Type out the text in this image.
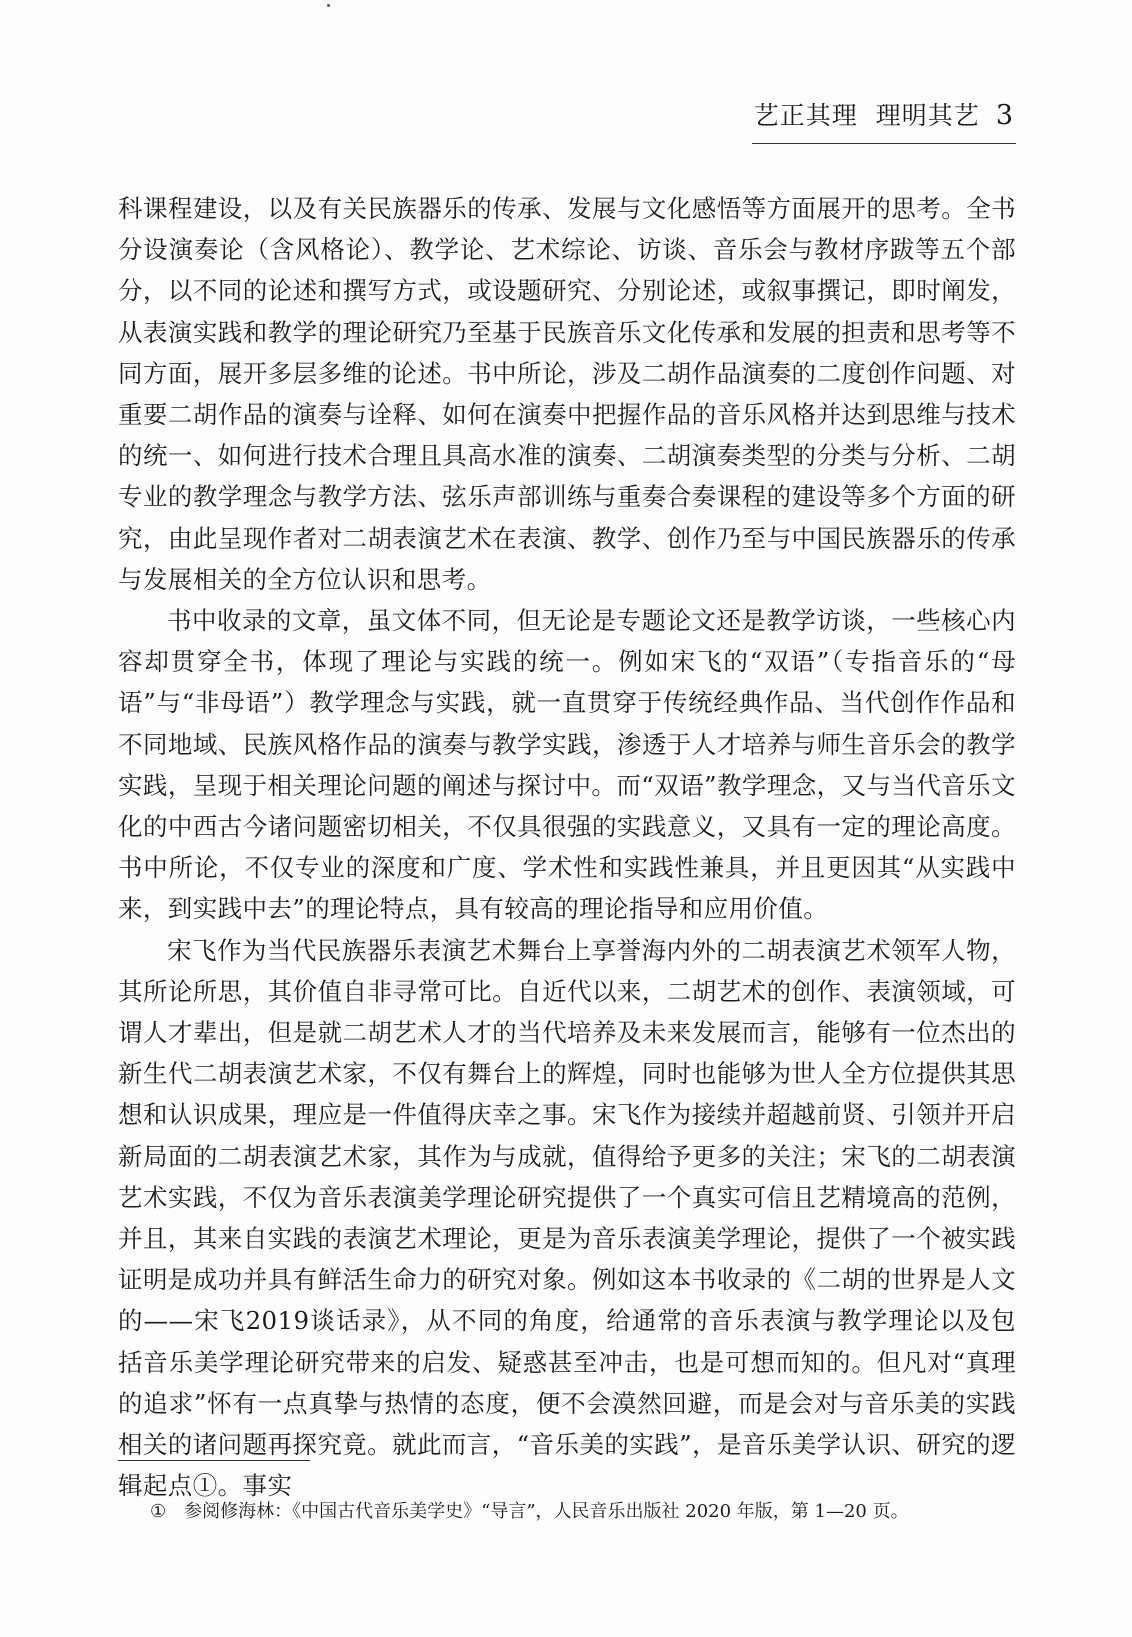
艺正其理 理明其艺 3

科课程建设，以及有关民族器乐的传承、发展与文化感悟等方面展开的思考。全书分设演奏论（含风格论）、教学论、艺术综论、访谈、音乐会与教材序跋等五个部分，以不同的论述和撰写方式，或设题研究、分别论述，或叙事撰记，即时阐发，从表演实践和教学的理论研究乃至基于民族音乐文化传承和发展的担责和思考等不同方面，展开多层多维的论述。书中所论，涉及二胡作品演奏的二度创作问题、对重要二胡作品的演奏与诠释、如何在演奏中把握作品的音乐风格并达到思维与技术的统一、如何进行技术合理且具高水准的演奏、二胡演奏类型的分类与分析、二胡专业的教学理念与教学方法、弦乐声部训练与重奏合奏课程的建设等多个方面的研究，由此呈现作者对二胡表演艺术在表演、教学、创作乃至与中国民族器乐的传承与发展相关的全方位认识和思考。

书中收录的文章，虽文体不同，但无论是专题论文还是教学访谈，一些核心内容却贯穿全书，体现了理论与实践的统一。例如宋飞的“双语”（专指音乐的“母语”与“非母语”）教学理念与实践，就一直贯穿于传统经典作品、当代创作作品和不同地域、民族风格作品的演奏与教学实践，渗透于人才培养与师生音乐会的教学实践，呈现于相关理论问题的阐述与探讨中。而“双语”教学理念，又与当代音乐文化的中西古今诸问题密切相关，不仅具很强的实践意义，又具有一定的理论高度。书中所论，不仅专业的深度和广度、学术性和实践性兼具，并且更因其“从实践中来，到实践中去”的理论特点，具有较高的理论指导和应用价值。

宋飞作为当代民族器乐表演艺术舞台上享誉海内外的二胡表演艺术领军人物，其所论所思，其价值自非寻常可比。自近代以来，二胡艺术的创作、表演领域，可谓人才辈出，但是就二胡艺术人才的当代培养及未来发展而言，能够有一位杰出的新生代二胡表演艺术家，不仅有舞台上的辉煌，同时也能够为世人全方位提供其思想和认识成果，理应是一件值得庆幸之事。宋飞作为接续并超越前贤、引领并开启新局面的二胡表演艺术家，其作为与成就，值得给予更多的关注；宋飞的二胡表演艺术实践，不仅为音乐表演美学理论研究提供了一个真实可信且艺精境高的范例，并且，其来自实践的表演艺术理论，更是为音乐表演美学理论，提供了一个被实践证明是成功并具有鲜活生命力的研究对象。例如这本书收录的《二胡的世界是人文的——宋飞2019谈话录》，从不同的角度，给通常的音乐表演与教学理论以及包括音乐美学理论研究带来的启发、疑惑甚至冲击，也是可想而知的。但凡对“真理的追求”怀有一点真挚与热情的态度，便不会漠然回避，而是会对与音乐美的实践相关的诸问题再探究竟。就此而言，“音乐美的实践”，是音乐美学认识、研究的逻辑起点①。事实

① 参阅修海林：《中国古代音乐美学史》“导言”，人民音乐出版社 2020 年版，第 1—20 页。
